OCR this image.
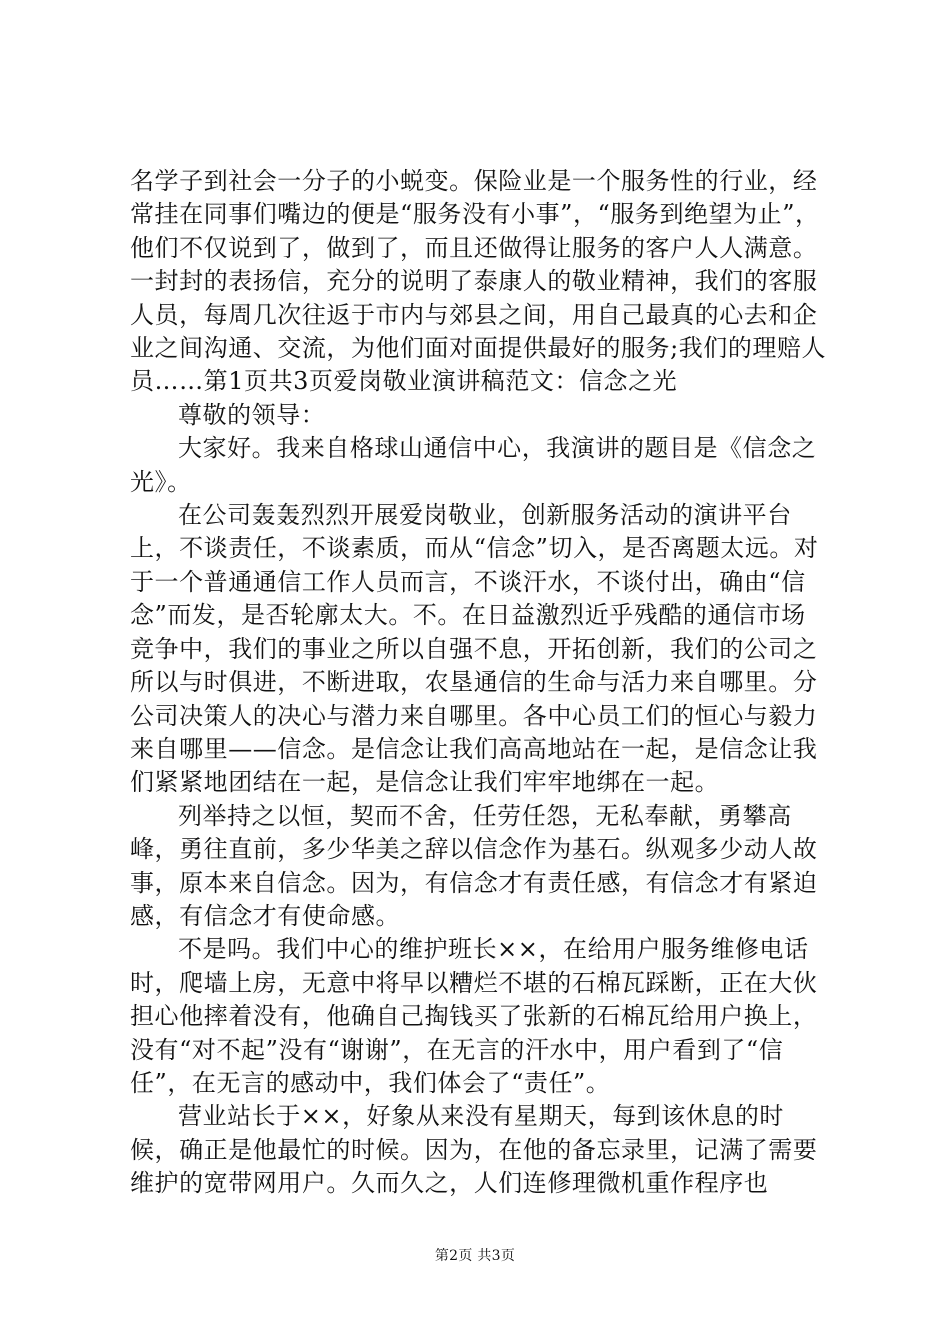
名学子到社会一分子的小蜕变。保险业是一个服务性的行业，经常挂在同事们嘴边的便是“服务没有小事”，“服务到绝望为止”，他们不仅说到了，做到了，而且还做得让服务的客户人人满意。一封封的表扬信，充分的说明了泰康人的敬业精神，我们的客服人员，每周几次往返于市内与郊县之间，用自己最真的心去和企业之间沟通、交流，为他们面对面提供最好的服务;我们的理赔人员……第1页共3页爱岗敬业演讲稿范文：信念之光

尊敬的领导：

大家好。我来自格球山通信中心，我演讲的题目是《信念之光》。

在公司轰轰烈烈开展爱岗敬业，创新服务活动的演讲平台上，不谈责任，不谈素质，而从“信念”切入，是否离题太远。对于一个普通通信工作人员而言，不谈汗水，不谈付出，确由“信念”而发，是否轮廓太大。不。在日益激烈近乎残酷的通信市场竞争中，我们的事业之所以自强不息，开拓创新，我们的公司之所以与时俱进，不断进取，农垦通信的生命与活力来自哪里。分公司决策人的决心与潜力来自哪里。各中心员工们的恒心与毅力来自哪里——信念。是信念让我们高高地站在一起，是信念让我们紧紧地团结在一起，是信念让我们牢牢地绑在一起。

列举持之以恒，契而不舍，任劳任怨，无私奉献，勇攀高峰，勇往直前，多少华美之辞以信念作为基石。纵观多少动人故事，原本来自信念。因为，有信念才有责任感，有信念才有紧迫感，有信念才有使命感。

不是吗。我们中心的维护班长××，在给用户服务维修电话时，爬墙上房，无意中将早以糟烂不堪的石棉瓦踩断，正在大伙担心他摔着没有，他确自己掏钱买了张新的石棉瓦给用户换上，没有“对不起”没有“谢谢”，在无言的汗水中，用户看到了“信任”，在无言的感动中，我们体会了“责任”。

营业站长于××，好象从来没有星期天，每到该休息的时候，确正是他最忙的时候。因为，在他的备忘录里，记满了需要维护的宽带网用户。久而久之，人们连修理微机重作程序也

第2页 共3页
